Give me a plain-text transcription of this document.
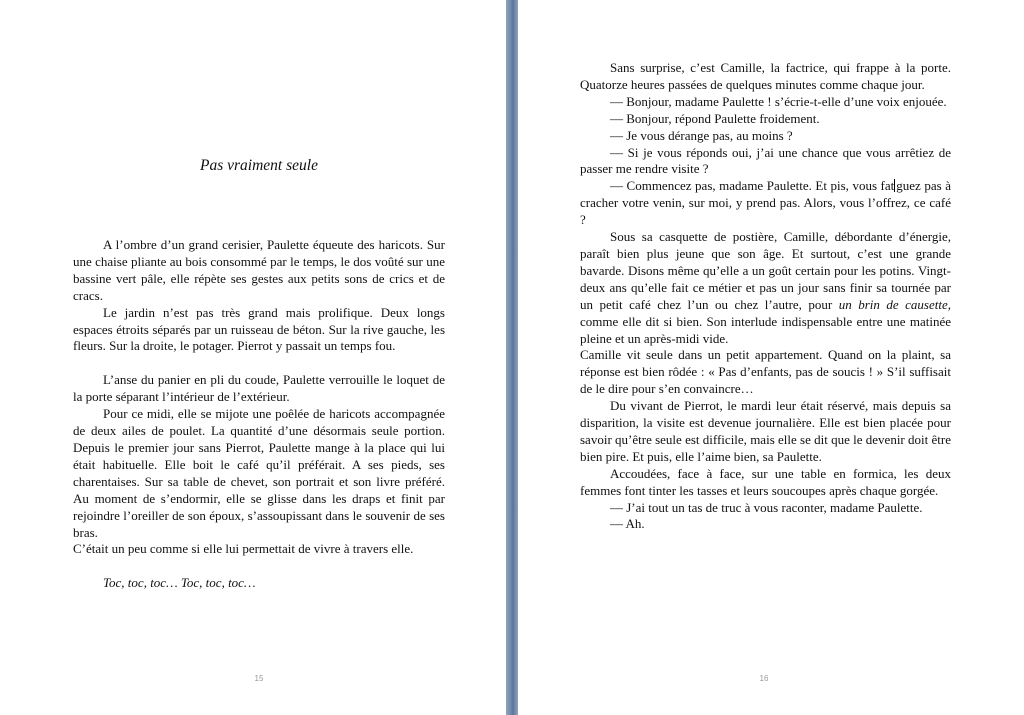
Pas vraiment seule

A l’ombre d’un grand cerisier, Paulette équeute des haricots. Sur une chaise pliante au bois consommé par le temps, le dos voûté sur une bassine vert pâle, elle répète ses gestes aux petits sons de crics et de cracs.

Le jardin n’est pas très grand mais prolifique. Deux longs espaces étroits séparés par un ruisseau de béton. Sur la rive gauche, les fleurs. Sur la droite, le potager. Pierrot y passait un temps fou.

L’anse du panier en pli du coude, Paulette verrouille le loquet de la porte séparant l’intérieur de l’extérieur.

Pour ce midi, elle se mijote une poêlée de haricots accompagnée de deux ailes de poulet. La quantité d’une désormais seule portion. Depuis le premier jour sans Pierrot, Paulette mange à la place qui lui était habituelle. Elle boit le café qu’il préférait. A ses pieds, ses charentaises. Sur sa table de chevet, son portrait et son livre préféré. Au moment de s’endormir, elle se glisse dans les draps et finit par rejoindre l’oreiller de son époux, s’assoupissant dans le souvenir de ses bras.

C’était un peu comme si elle lui permettait de vivre à travers elle.

Toc, toc, toc… Toc, toc, toc…

15

Sans surprise, c’est Camille, la factrice, qui frappe à la porte. Quatorze heures passées de quelques minutes comme chaque jour.

— Bonjour, madame Paulette ! s’écrie-t-elle d’une voix enjouée.

— Bonjour, répond Paulette froidement.

— Je vous dérange pas, au moins ?

— Si je vous réponds oui, j’ai une chance que vous arrêtiez de passer me rendre visite ?

— Commencez pas, madame Paulette. Et pis, vous fat guez pas à cracher votre venin, sur moi, y prend pas. Alors, vous l’offrez, ce café ?

Sous sa casquette de postière, Camille, débordante d’énergie, paraît bien plus jeune que son âge. Et surtout, c’est une grande bavarde. Disons même qu’elle a un goût certain pour les potins. Vingt-deux ans qu’elle fait ce métier et pas un jour sans finir sa tournée par un petit café chez l’un ou chez l’autre, pour un brin de causette, comme elle dit si bien. Son interlude indispensable entre une matinée pleine et un après-midi vide.

Camille vit seule dans un petit appartement. Quand on la plaint, sa réponse est bien rôdée : « Pas d’enfants, pas de soucis ! » S’il suffisait de le dire pour s’en convaincre…

Du vivant de Pierrot, le mardi leur était réservé, mais depuis sa disparition, la visite est devenue journalière. Elle est bien placée pour savoir qu’être seule est difficile, mais elle se dit que le devenir doit être bien pire. Et puis, elle l’aime bien, sa Paulette.

Accoudées, face à face, sur une table en formica, les deux femmes font tinter les tasses et leurs soucoupes après chaque gorgée.

— J’ai tout un tas de truc à vous raconter, madame Paulette.

— Ah.

16
